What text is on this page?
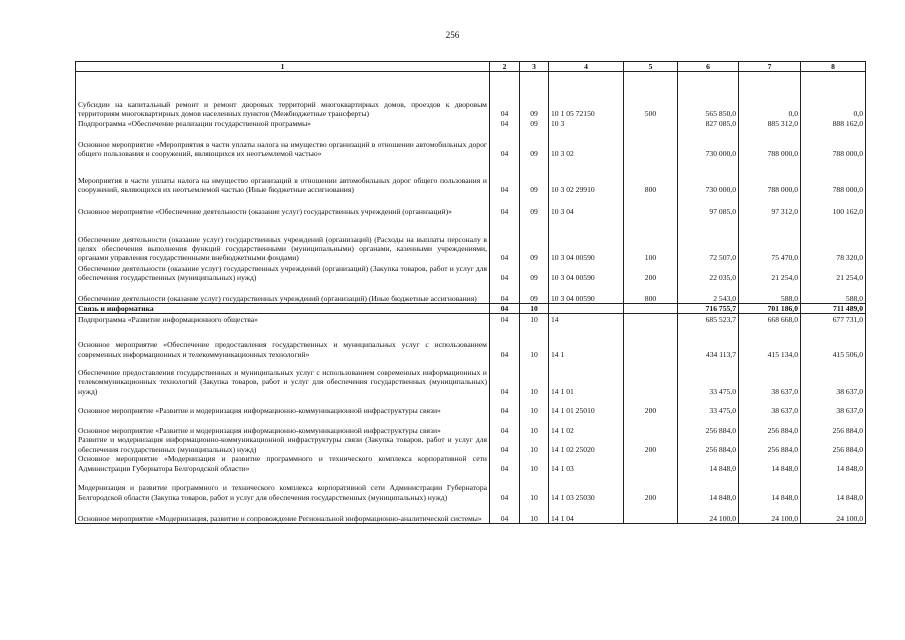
256
1	2	3	4	5	6	7	8
Субсидии на капитальный ремонт и ремонт дворовых территорий многоквартирных домов, проездов к дворовым территориям многоквартирных домов населенных пунктов (Межбюджетные трансферты)	04	09	10 1 05 72150	500	565 850,0	0,0	0,0
Подпрограмма «Обеспечение реализации государственной программы»	04	09	10 3		827 085,0	885 312,0	888 162,0
Основное мероприятие «Мероприятия в части уплаты налога на имущество организаций в отношении автомобильных дорог общего пользования и сооружений, являющихся их неотъемлемой частью»	04	09	10 3 02		730 000,0	788 000,0	788 000,0
Мероприятия в части уплаты налога на имущество организаций в отношении автомобильных дорог общего пользования и сооружений, являющихся их неотъемлемой частью (Иные бюджетные ассигнования)	04	09	10 3 02 29910	800	730 000,0	788 000,0	788 000,0
Основное мероприятие «Обеспечение деятельности (оказание услуг) государственных учреждений (организаций)»	04	09	10 3 04		97 085,0	97 312,0	100 162,0
Обеспечение деятельности (оказание услуг) государственных учреждений (организаций) (Расходы на выплаты персоналу в целях обеспечения выполнения функций государственными (муниципальными) органами, казенными учреждениями, органами управления государственными внебюджетными фондами)	04	09	10 3 04 00590	100	72 507,0	75 470,0	78 320,0
Обеспечение деятельности (оказание услуг) государственных учреждений (организаций) (Закупка товаров, работ и услуг для обеспечения государственных (муниципальных) нужд)	04	09	10 3 04 00590	200	22 035,0	21 254,0	21 254,0
Обеспечение деятельности (оказание услуг) государственных учреждений (организаций) (Иные бюджетные ассигнования)	04	09	10 3 04 00590	800	2 543,0	588,0	588,0
Связь и информатика	04	10			716 755,7	701 186,0	711 489,0
Подпрограмма «Развитие информационного общества»	04	10	14		685 523,7	668 668,0	677 731,0
Основное мероприятие «Обеспечение предоставления государственных и муниципальных услуг с использованием современных информационных и телекоммуникационных технологий»	04	10	14 1		434 113,7	415 134,0	415 506,0
Обеспечение предоставления государственных и муниципальных услуг с использованием современных информационных и телекоммуникационных технологий (Закупка товаров, работ и услуг для обеспечения государственных (муниципальных) нужд)	04	10	14 1 01		33 475,0	38 637,0	38 637,0
Основное мероприятие «Развитие и модернизация информационно-коммуникационной инфраструктуры связи»	04	10	14 1 01 25010	200	33 475,0	38 637,0	38 637,0
Основное мероприятие «Развитие и модернизация информационно-коммуникационной инфраструктуры связи»	04	10	14 1 02		256 884,0	256 884,0	256 884,0
Развитие и модернизация информационно-коммуникационной инфраструктуры связи (Закупка товаров, работ и услуг для обеспечения государственных (муниципальных) нужд)	04	10	14 1 02 25020	200	256 884,0	256 884,0	256 884,0
Основное мероприятие «Модернизация и развитие программного и технического комплекса корпоративной сети Администрации Губернатора Белгородской области»	04	10	14 1 03		14 848,0	14 848,0	14 848,0
Модернизация и развитие программного и технического комплекса корпоративной сети Администрации Губернатора Белгородской области (Закупка товаров, работ и услуг для обеспечения государственных (муниципальных) нужд)	04	10	14 1 03 25030	200	14 848,0	14 848,0	14 848,0
Основное мероприятие «Модернизация, развитие и сопровождение Региональной информационно-аналитической системы»	04	10	14 1 04		24 100,0	24 100,0	24 100,0
